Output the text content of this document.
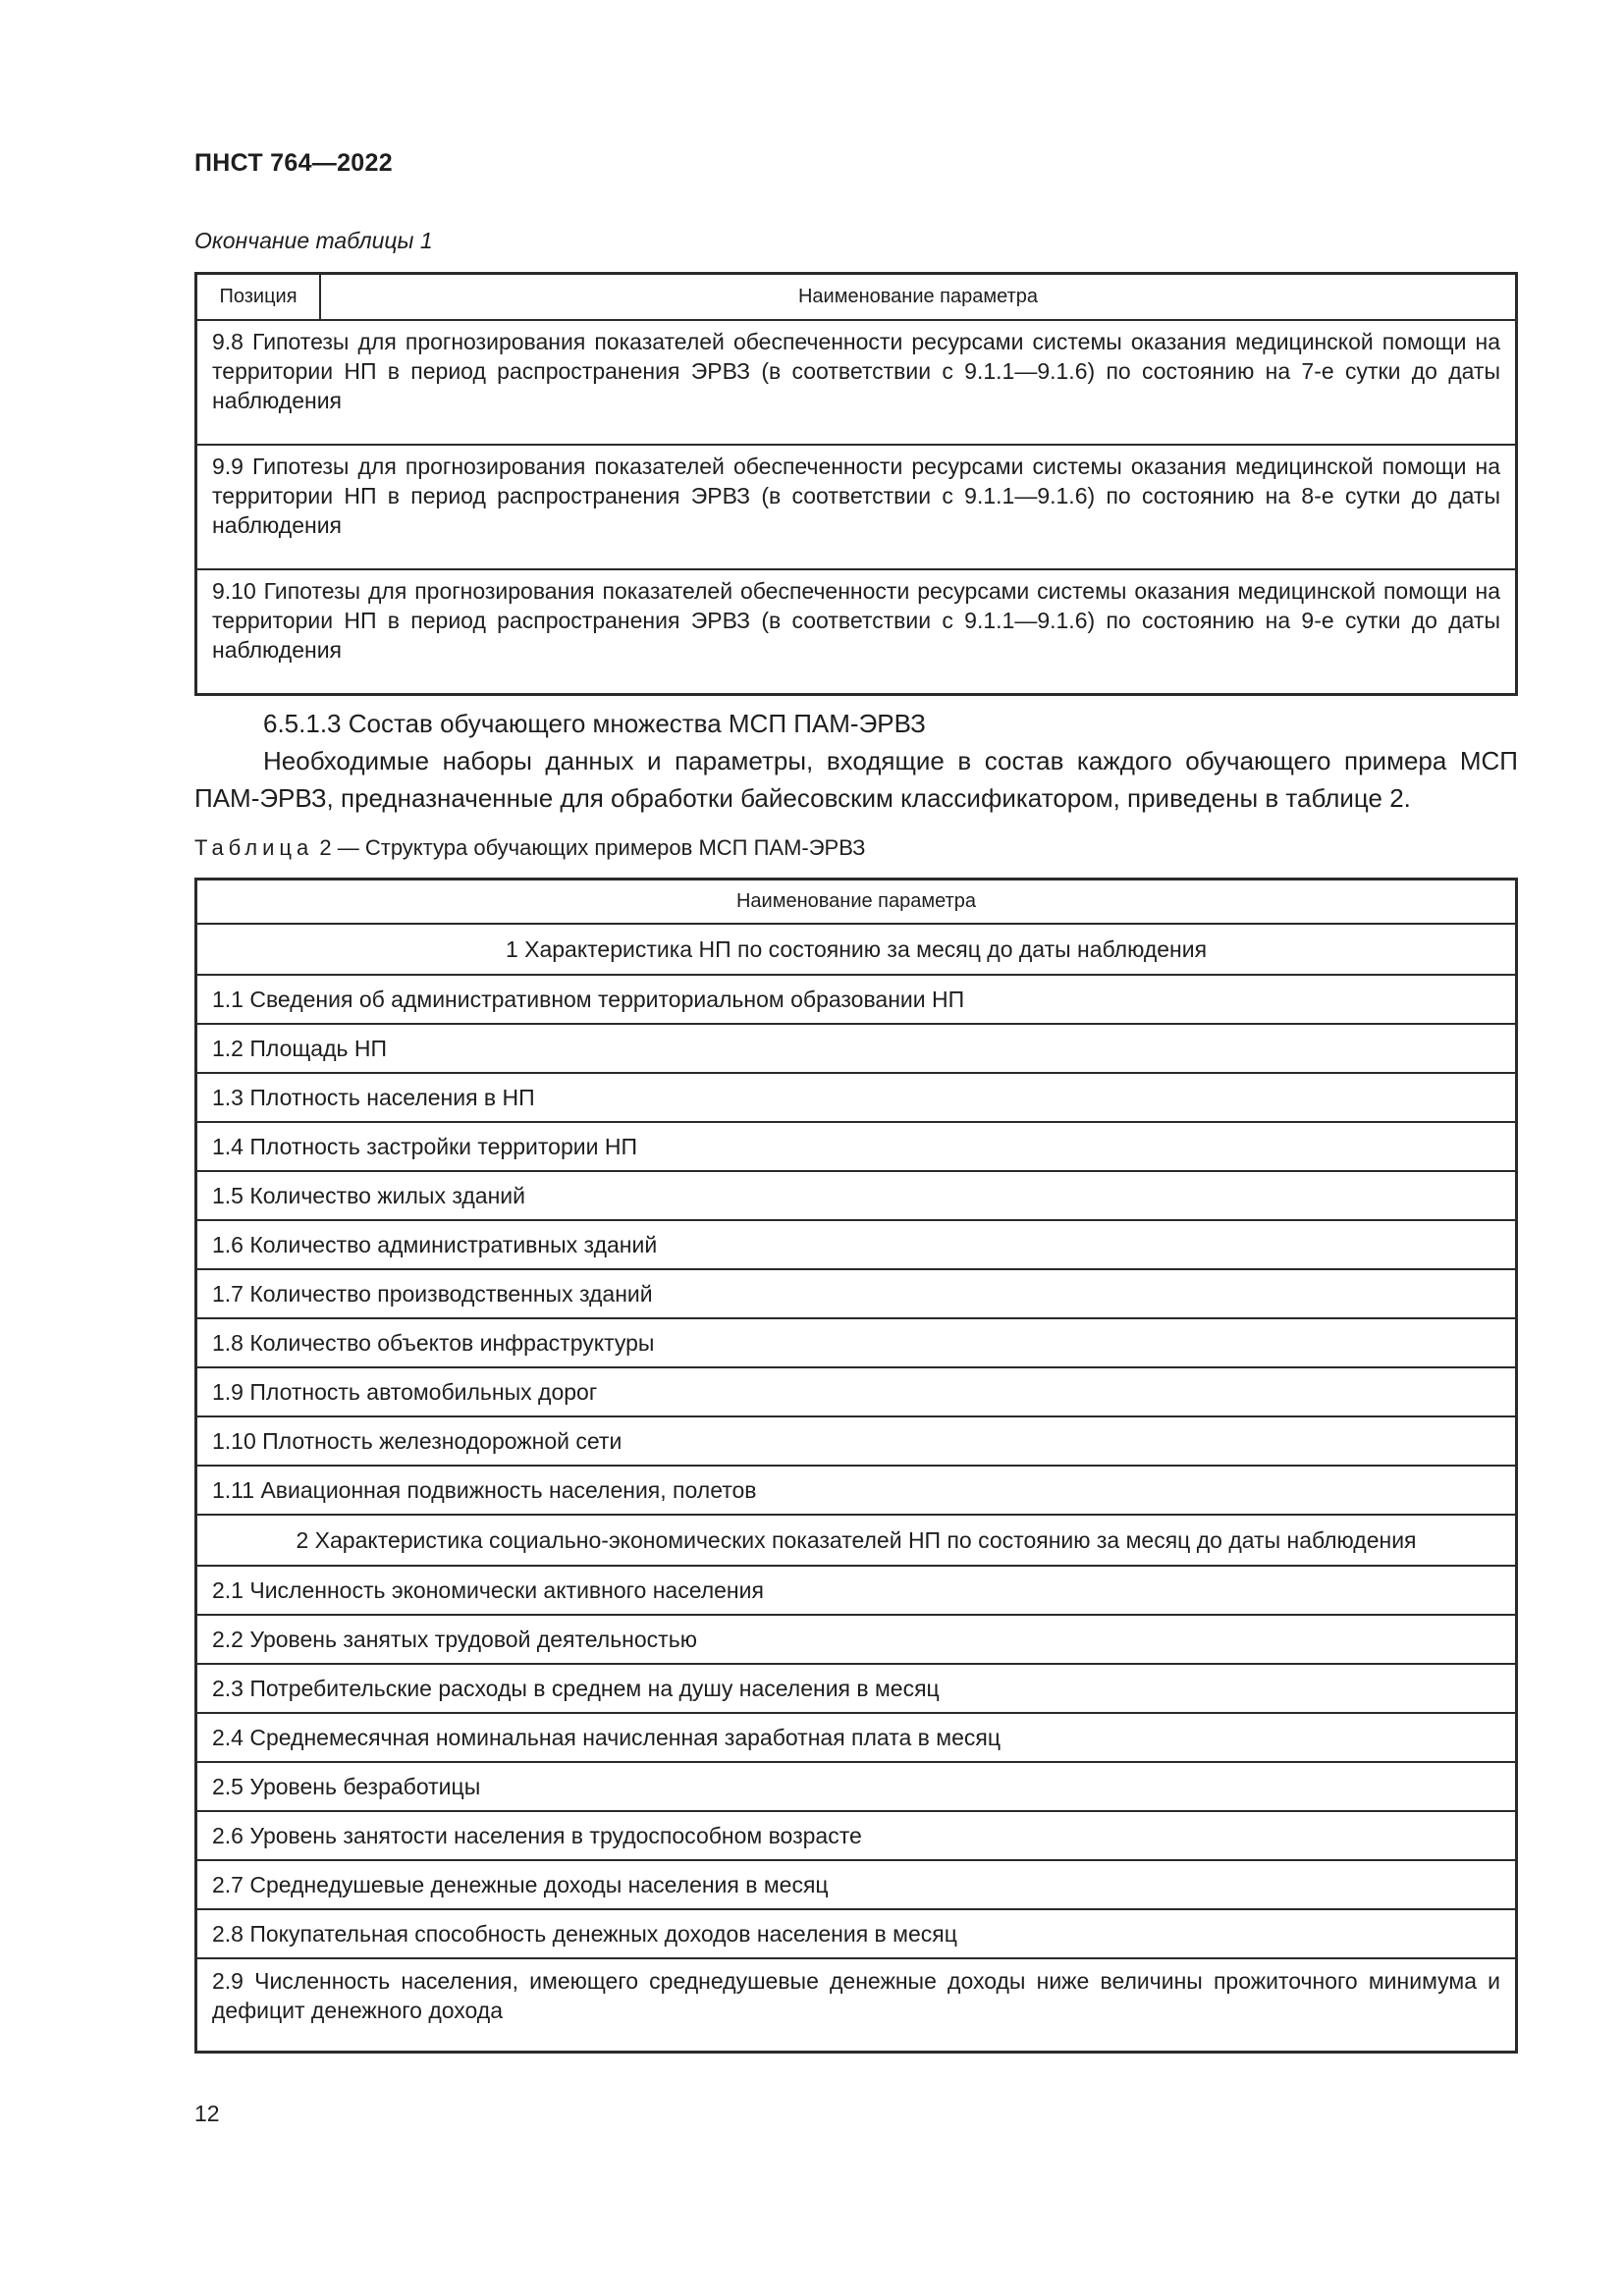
ПНСТ 764—2022
Окончание таблицы 1
Позиция	Наименование параметра
9.8 Гипотезы для прогнозирования показателей обеспеченности ресурсами системы оказания медицинской помощи на территории НП в период распространения ЭРВЗ (в соответствии с 9.1.1—9.1.6) по состоянию на 7-е сутки до даты наблюдения
9.9 Гипотезы для прогнозирования показателей обеспеченности ресурсами системы оказания медицинской помощи на территории НП в период распространения ЭРВЗ (в соответствии с 9.1.1—9.1.6) по состоянию на 8-е сутки до даты наблюдения
9.10 Гипотезы для прогнозирования показателей обеспеченности ресурсами системы оказания медицинской помощи на территории НП в период распространения ЭРВЗ (в соответствии с 9.1.1—9.1.6) по состоянию на 9-е сутки до даты наблюдения
6.5.1.3 Состав обучающего множества МСП ПАМ-ЭРВЗ
Необходимые наборы данных и параметры, входящие в состав каждого обучающего примера МСП ПАМ-ЭРВЗ, предназначенные для обработки байесовским классификатором, приведены в таблице 2.
Таблица 2 — Структура обучающих примеров МСП ПАМ-ЭРВЗ
Наименование параметра
1 Характеристика НП по состоянию за месяц до даты наблюдения
1.1 Сведения об административном территориальном образовании НП
1.2 Площадь НП
1.3 Плотность населения в НП
1.4 Плотность застройки территории НП
1.5 Количество жилых зданий
1.6 Количество административных зданий
1.7 Количество производственных зданий
1.8 Количество объектов инфраструктуры
1.9 Плотность автомобильных дорог
1.10 Плотность железнодорожной сети
1.11 Авиационная подвижность населения, полетов
2 Характеристика социально-экономических показателей НП по состоянию за месяц до даты наблюдения
2.1 Численность экономически активного населения
2.2 Уровень занятых трудовой деятельностью
2.3 Потребительские расходы в среднем на душу населения в месяц
2.4 Среднемесячная номинальная начисленная заработная плата в месяц
2.5 Уровень безработицы
2.6 Уровень занятости населения в трудоспособном возрасте
2.7 Среднедушевые денежные доходы населения в месяц
2.8 Покупательная способность денежных доходов населения в месяц
2.9 Численность населения, имеющего среднедушевые денежные доходы ниже величины прожиточного минимума и дефицит денежного дохода
12
